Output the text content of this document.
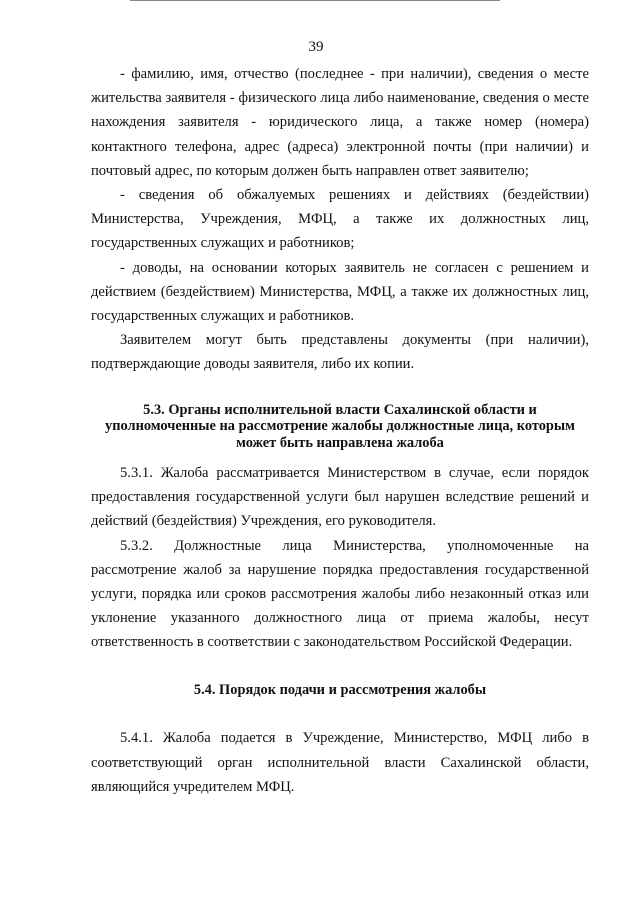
39

- фамилию, имя, отчество (последнее - при наличии), сведения о месте жительства заявителя - физического лица либо наименование, сведения о месте нахождения заявителя - юридического лица, а также номер (номера) контактного телефона, адрес (адреса) электронной почты (при наличии) и почтовый адрес, по которым должен быть направлен ответ заявителю;

- сведения об обжалуемых решениях и действиях (бездействии) Министерства, Учреждения, МФЦ, а также их должностных лиц, государственных служащих и работников;

- доводы, на основании которых заявитель не согласен с решением и действием (бездействием) Министерства, МФЦ, а также их должностных лиц, государственных служащих и работников.

Заявителем могут быть представлены документы (при наличии), подтверждающие доводы заявителя, либо их копии.

5.3. Органы исполнительной власти Сахалинской области и уполномоченные на рассмотрение жалобы должностные лица, которым может быть направлена жалоба

5.3.1. Жалоба рассматривается Министерством в случае, если порядок предоставления государственной услуги был нарушен вследствие решений и действий (бездействия) Учреждения, его руководителя.

5.3.2. Должностные лица Министерства, уполномоченные на рассмотрение жалоб за нарушение порядка предоставления государственной услуги, порядка или сроков рассмотрения жалобы либо незаконный отказ или уклонение указанного должностного лица от приема жалобы, несут ответственность в соответствии с законодательством Российской Федерации.

5.4. Порядок подачи и рассмотрения жалобы

5.4.1. Жалоба подается в Учреждение, Министерство, МФЦ либо в соответствующий орган исполнительной власти Сахалинской области, являющийся учредителем МФЦ.
